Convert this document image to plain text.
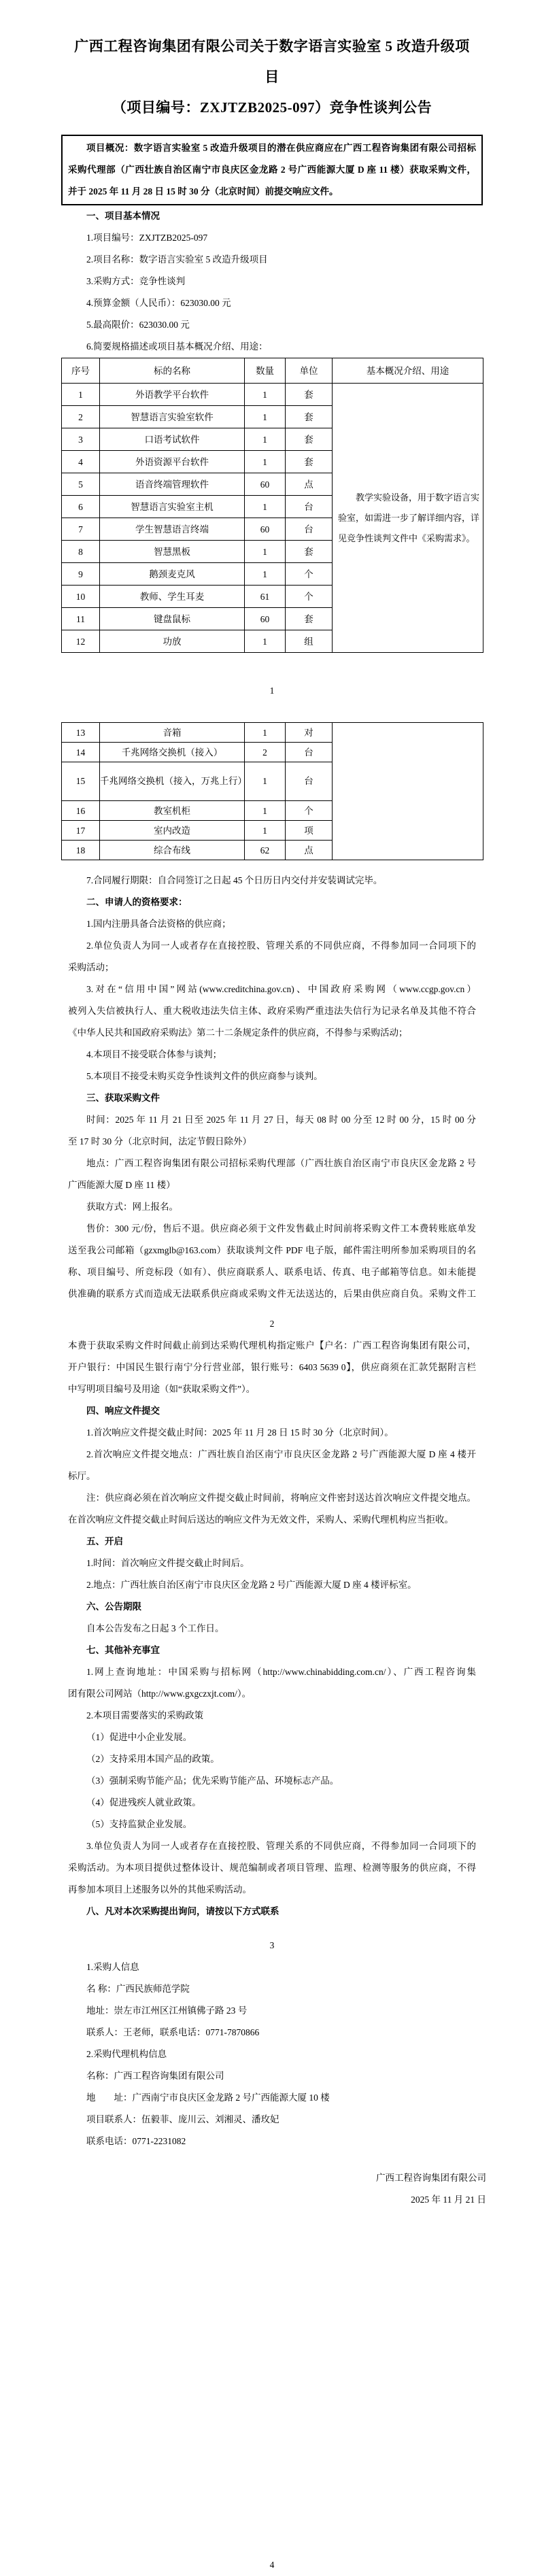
广西工程咨询集团有限公司关于数字语言实验室 5 改造升级项目
（项目编号：ZXJTZB2025-097）竞争性谈判公告
项目概况：数字语言实验室 5 改造升级项目的潜在供应商应在广西工程咨询集团有限公司招标
采购代理部（广西壮族自治区南宁市良庆区金龙路 2 号广西能源大厦 D 座 11 楼）获取采购文件，
并于 2025 年 11 月 28 日 15 时 30 分（北京时间）前提交响应文件。
一、项目基本情况
1.项目编号：ZXJTZB2025-097
2.项目名称：数字语言实验室 5 改造升级项目
3.采购方式：竞争性谈判
4.预算金额（人民币）：623030.00 元
5.最高限价：623030.00 元
6.简要规格描述或项目基本概况介绍、用途：
序号	标的名称	数量	单位	基本概况介绍、用途
1	外语教学平台软件	1	套	教学实验设备，用于数字语言实
验室，如需进一步了解详细内容，详
见竞争性谈判文件中《采购需求》。

2	智慧语言实验室软件	1	套	
3	口语考试软件	1	套	
4	外语资源平台软件	1	套	
5	语音终端管理软件	60	点	
6	智慧语言实验室主机	1	台	
7	学生智慧语言终端	60	台	
8	智慧黑板	1	套	
9	鹅颈麦克风	1	个	
10	教师、学生耳麦	61	个	
11	键盘鼠标	60	套	
12	功放	1	组	
1
13	音箱	1	对	
14	千兆网络交换机（接入）	2	台	
15	千兆网络交换机（接入，万兆上行）	1	台	
16	教室机柜	1	个	
17	室内改造	1	项	
18	综合布线	62	点	
7.合同履行期限：自合同签订之日起 45 个日历日内交付并安装调试完毕。
二、申请人的资格要求：
1.国内注册具备合法资格的供应商；
2.单位负责人为同一人或者存在直接控股、管理关系的不同供应商，不得参加同一合同项下的
采购活动；
3.对在“信用中国”网站(www.creditchina.gov.cn)、中国政府采购网（www.ccgp.gov.cn）
被列入失信被执行人、重大税收违法失信主体、政府采购严重违法失信行为记录名单及其他不符合
《中华人民共和国政府采购法》第二十二条规定条件的供应商，不得参与采购活动；
4.本项目不接受联合体参与谈判；
5.本项目不接受未购买竞争性谈判文件的供应商参与谈判。
三、获取采购文件
时间：2025 年 11 月 21 日至 2025 年 11 月 27 日，每天 08 时 00 分至 12 时 00 分，15 时 00 分
至 17 时 30 分（北京时间，法定节假日除外）
地点：广西工程咨询集团有限公司招标采购代理部（广西壮族自治区南宁市良庆区金龙路 2 号
广西能源大厦 D 座 11 楼）
获取方式：网上报名。
售价：300 元/份，售后不退。供应商必须于文件发售截止时间前将采购文件工本费转账底单发
送至我公司邮箱（gzxmglb@163.com）获取谈判文件 PDF 电子版，邮件需注明所参加采购项目的名
称、项目编号、所竞标段（如有）、供应商联系人、联系电话、传真、电子邮箱等信息。如未能提
供准确的联系方式而造成无法联系供应商或采购文件无法送达的，后果由供应商自负。采购文件工
2
本费于获取采购文件时间截止前到达采购代理机构指定账户【户名：广西工程咨询集团有限公司，
开户银行：中国民生银行南宁分行营业部，银行账号：6403 5639 0】，供应商须在汇款凭据附言栏
中写明项目编号及用途（如“获取采购文件”）。
四、响应文件提交
1.首次响应文件提交截止时间：2025 年 11 月 28 日 15 时 30 分（北京时间）。
2.首次响应文件提交地点：广西壮族自治区南宁市良庆区金龙路 2 号广西能源大厦 D 座 4 楼开
标厅。
注：供应商必须在首次响应文件提交截止时间前，将响应文件密封送达首次响应文件提交地点。
在首次响应文件提交截止时间后送达的响应文件为无效文件，采购人、采购代理机构应当拒收。
五、开启
1.时间：首次响应文件提交截止时间后。
2.地点：广西壮族自治区南宁市良庆区金龙路 2 号广西能源大厦 D 座 4 楼评标室。
六、公告期限
自本公告发布之日起 3 个工作日。
七、其他补充事宜
1.网上查询地址：中国采购与招标网（http://www.chinabidding.com.cn/）、广西工程咨询集
团有限公司网站（http://www.gxgczxjt.com/）。
2.本项目需要落实的采购政策
（1）促进中小企业发展。
（2）支持采用本国产品的政策。
（3）强制采购节能产品；优先采购节能产品、环境标志产品。
（4）促进残疾人就业政策。
（5）支持监狱企业发展。
3.单位负责人为同一人或者存在直接控股、管理关系的不同供应商，不得参加同一合同项下的
采购活动。为本项目提供过整体设计、规范编制或者项目管理、监理、检测等服务的供应商，不得
再参加本项目上述服务以外的其他采购活动。
八、凡对本次采购提出询问，请按以下方式联系
3
1.采购人信息
名 称：广西民族师范学院
地址：崇左市江州区江州镇佛子路 23 号
联系人：王老师，联系电话：0771-7870866
2.采购代理机构信息
名称：广西工程咨询集团有限公司
地　　址：广西南宁市良庆区金龙路 2 号广西能源大厦 10 楼
项目联系人：伍毅菲、庞川云、刘湘灵、潘玫妃
联系电话：0771-2231082
广西工程咨询集团有限公司
2025 年 11 月 21 日
4
